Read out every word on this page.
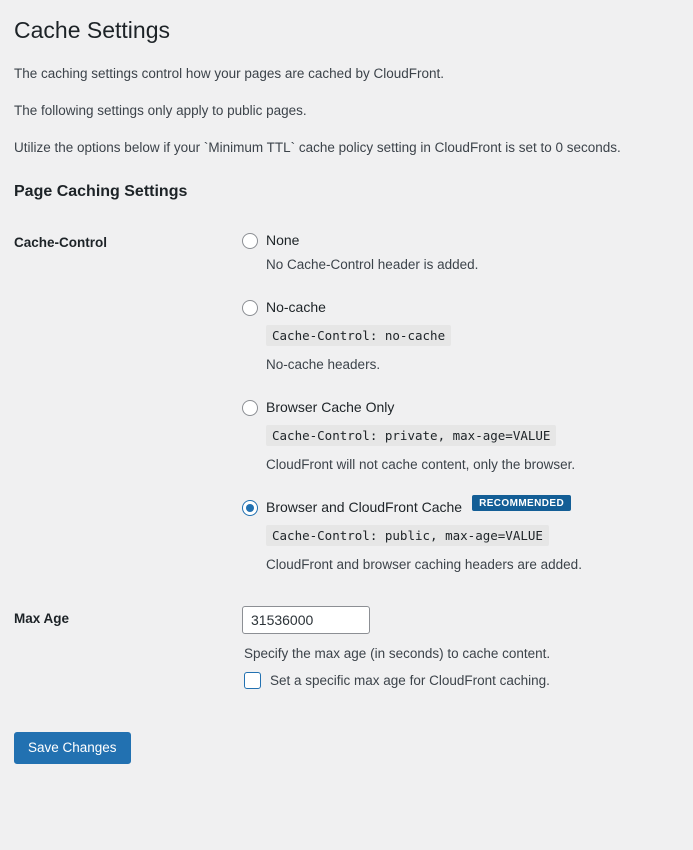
Cache Settings

The caching settings control how your pages are cached by CloudFront.

The following settings only apply to public pages.

Utilize the options below if your `Minimum TTL` cache policy setting in CloudFront is set to 0 seconds.

Page Caching Settings
Cache-Control	None

No Cache-Control header is added.

No-cache
Cache-Control: no-cache

No-cache headers.

Browser Cache Only
Cache-Control: private, max-age=VALUE

CloudFront will not cache content, only the browser.

Browser and CloudFront Cache	RECOMMENDED
Cache-Control: public, max-age=VALUE

CloudFront and browser caching headers are added.

Max Age	31536000

Specify the max age (in seconds) to cache content.

Set a specific max age for CloudFront caching.
Save Changes
